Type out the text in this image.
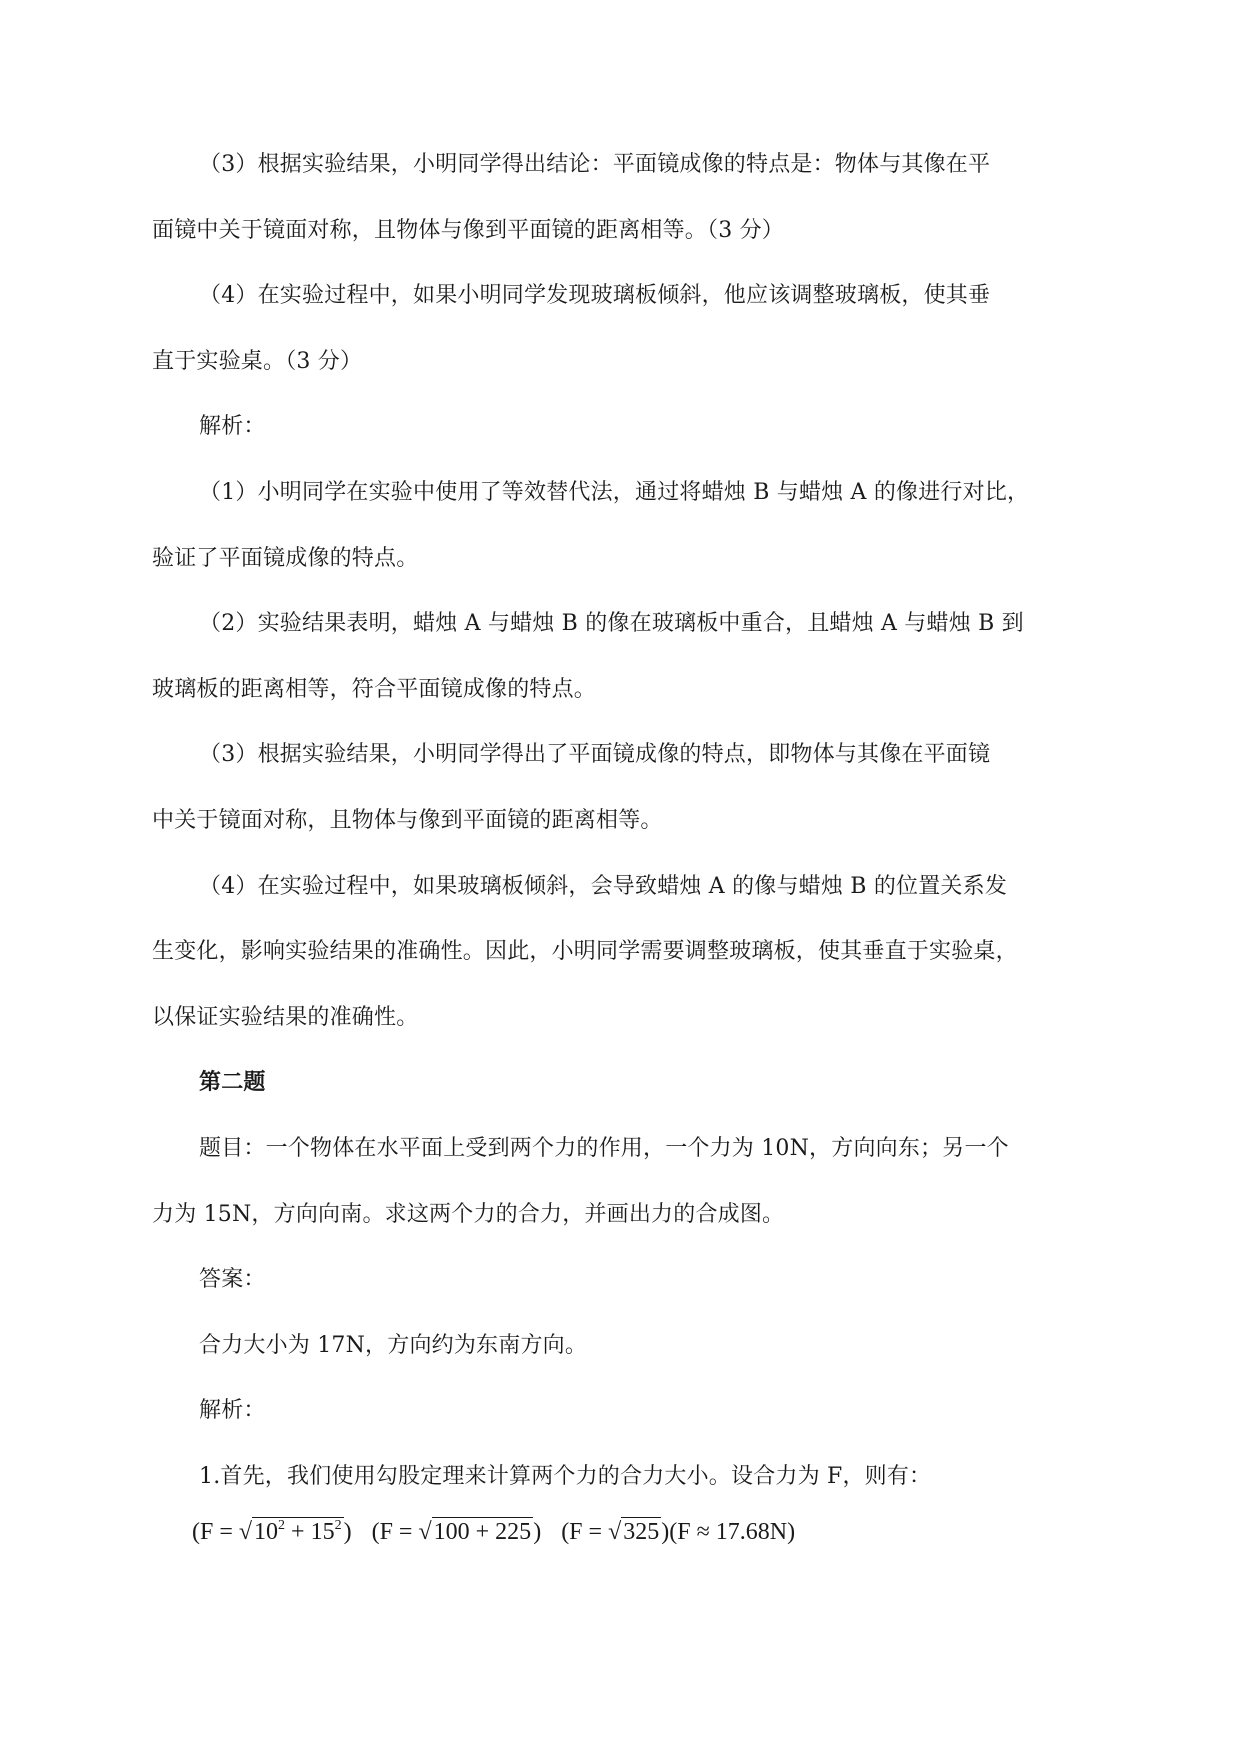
（3）根据实验结果，小明同学得出结论：平面镜成像的特点是：物体与其像在平
面镜中关于镜面对称，且物体与像到平面镜的距离相等。（3 分）
（4）在实验过程中，如果小明同学发现玻璃板倾斜，他应该调整玻璃板，使其垂
直于实验桌。（3 分）
解析：
（1）小明同学在实验中使用了等效替代法，通过将蜡烛 B 与蜡烛 A 的像进行对比，
验证了平面镜成像的特点。
（2）实验结果表明，蜡烛 A 与蜡烛 B 的像在玻璃板中重合，且蜡烛 A 与蜡烛 B 到
玻璃板的距离相等，符合平面镜成像的特点。
（3）根据实验结果，小明同学得出了平面镜成像的特点，即物体与其像在平面镜
中关于镜面对称，且物体与像到平面镜的距离相等。
（4）在实验过程中，如果玻璃板倾斜，会导致蜡烛 A 的像与蜡烛 B 的位置关系发
生变化，影响实验结果的准确性。因此，小明同学需要调整玻璃板，使其垂直于实验桌，
以保证实验结果的准确性。
第二题
题目：一个物体在水平面上受到两个力的作用，一个力为 10N，方向向东；另一个
力为 15N，方向向南。求这两个力的合力，并画出力的合成图。
答案：
合力大小为 17N，方向约为东南方向。
解析：
1.首先，我们使用勾股定理来计算两个力的合力大小。设合力为 F，则有：
$(F = √10^2 + 15^2)$ (F = √100 + 225) (F = √325)(F ≈ 17.68N)
